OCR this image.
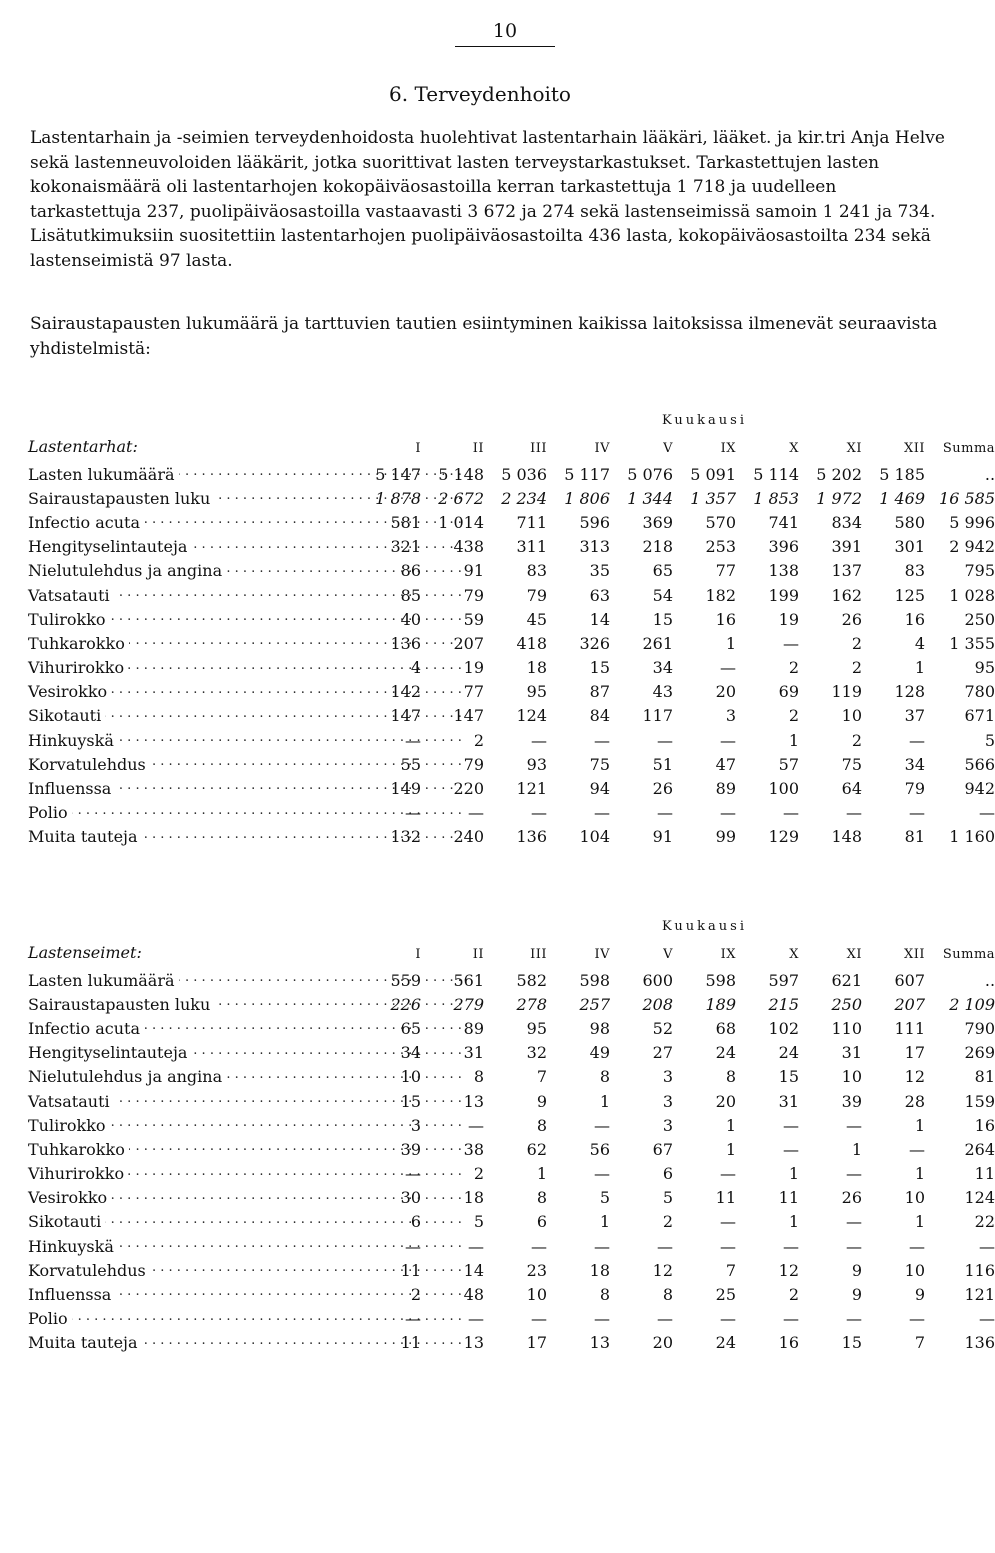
10
6. Terveydenhoito

Lastentarhain ja -seimien terveydenhoidosta huolehtivat lastentarhain lääkäri, lääket. ja kir.tri Anja Helve sekä lastenneuvoloiden lääkärit, jotka suorittivat lasten terveystarkastukset. Tarkastettujen lasten kokonaismäärä oli lastentarhojen kokopäiväosastoilla kerran tarkastettuja 1 718 ja uudelleen tarkastettuja 237, puolipäiväosastoilla vastaavasti 3 672 ja 274 sekä lastenseimissä samoin 1 241 ja 734. Lisätutkimuksiin suositettiin lastentarhojen puolipäiväosastoilta 436 lasta, kokopäiväosastoilta 234 sekä lastenseimistä 97 lasta.

Sairaustapausten lukumäärä ja tarttuvien tautien esiintyminen kaikissa laitoksissa ilmenevät seuraavista yhdistelmistä:

					Kuukausi					
Lastentarhat:	I	II	III	IV	V	IX	X	XI	XII	Summa
Lasten lukumäärä . . .	5 147	5 148	5 036	5 117	5 076	5 091	5 114	5 202	5 185	..
Sairaustapausten luku . . .	1 878	2 672	2 234	1 806	1 344	1 357	1 853	1 972	1 469	16 585
Infectio acuta . . .	581	1 014	711	596	369	570	741	834	580	5 996
Hengityselintauteja . . .	321	438	311	313	218	253	396	391	301	2 942
Nielutulehdus ja angina . . .	86	91	83	35	65	77	138	137	83	795
Vatsatauti . . .	85	79	79	63	54	182	199	162	125	1 028
Tulirokko . . .	40	59	45	14	15	16	19	26	16	250
Tuhkarokko . . .	136	207	418	326	261	1	—	2	4	1 355
Vihurirokko . . .	4	19	18	15	34	—	2	2	1	95
Vesirokko . . .	142	77	95	87	43	20	69	119	128	780
Sikotauti . . .	147	147	124	84	117	3	2	10	37	671
Hinkuyskä . . .	—	2	—	—	—	—	1	2	—	5
Korvatulehdus . . .	55	79	93	75	51	47	57	75	34	566
Influenssa . . .	149	220	121	94	26	89	100	64	79	942
Polio . . .	—	—	—	—	—	—	—	—	—	—
Muita tauteja . . .	132	240	136	104	91	99	129	148	81	1 160
					Kuukausi					
Lastenseimet:	I	II	III	IV	V	IX	X	XI	XII	Summa
Lasten lukumäärä . . .	559	561	582	598	600	598	597	621	607	..
Sairaustapausten luku . . .	226	279	278	257	208	189	215	250	207	2 109
Infectio acuta . . .	65	89	95	98	52	68	102	110	111	790
Hengityselintauteja . . .	34	31	32	49	27	24	24	31	17	269
Nielutulehdus ja angina . . .	10	8	7	8	3	8	15	10	12	81
Vatsatauti . . .	15	13	9	1	3	20	31	39	28	159
Tulirokko . . .	3	—	8	—	3	1	—	—	1	16
Tuhkarokko . . .	39	38	62	56	67	1	—	1	—	264
Vihurirokko . . .	—	2	1	—	6	—	1	—	1	11
Vesirokko . . .	30	18	8	5	5	11	11	26	10	124
Sikotauti . . .	6	5	6	1	2	—	1	—	1	22
Hinkuyskä . . .	—	—	—	—	—	—	—	—	—	—
Korvatulehdus . . .	11	14	23	18	12	7	12	9	10	116
Influenssa . . .	2	48	10	8	8	25	2	9	9	121
Polio . . .	—	—	—	—	—	—	—	—	—	—
Muita tauteja . . .	11	13	17	13	20	24	16	15	7	136
